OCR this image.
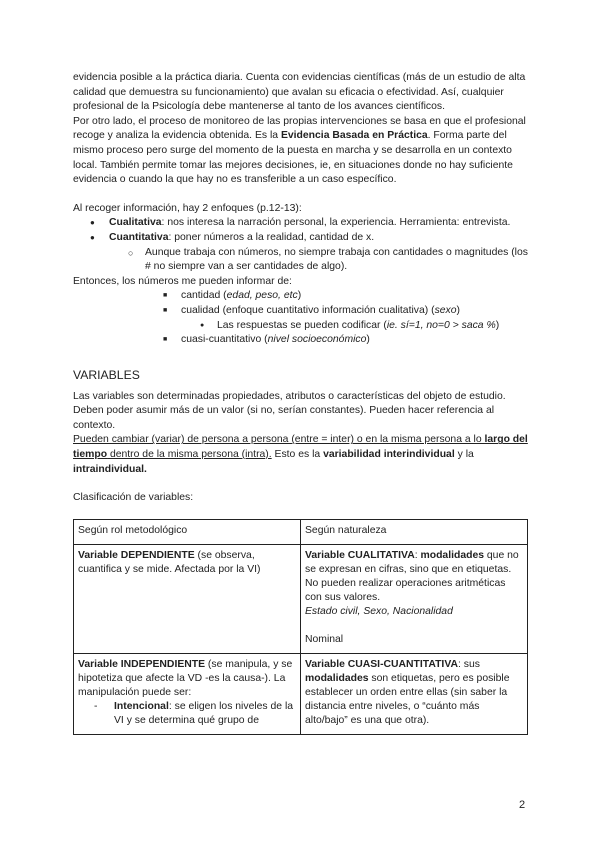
evidencia posible a la práctica diaria. Cuenta con evidencias científicas (más de un estudio de alta calidad que demuestra su funcionamiento) que avalan su eficacia o efectividad. Así, cualquier profesional de la Psicología debe mantenerse al tanto de los avances científicos.

Por otro lado, el proceso de monitoreo de las propias intervenciones se basa en que el profesional recoge y analiza la evidencia obtenida. Es la Evidencia Basada en Práctica. Forma parte del mismo proceso pero surge del momento de la puesta en marcha y se desarrolla en un contexto local. También permite tomar las mejores decisiones, ie, en situaciones donde no hay suficiente evidencia o cuando la que hay no es transferible a un caso específico.

Al recoger información, hay 2 enfoques (p.12-13):

● Cualitativa: nos interesa la narración personal, la experiencia. Herramienta: entrevista.
● Cuantitativa: poner números a la realidad, cantidad de x.
○ Aunque trabaja con números, no siempre trabaja con cantidades o magnitudes (los # no siempre van a ser cantidades de algo).

Entonces, los números me pueden informar de:

■ cantidad (edad, peso, etc)
■ cualidad (enfoque cuantitativo información cualitativa) (sexo)
● Las respuestas se pueden codificar (ie. sí=1, no=0 > saca %)
■ cuasi-cuantitativo (nivel socioeconómico)

VARIABLES

Las variables son determinadas propiedades, atributos o características del objeto de estudio. Deben poder asumir más de un valor (si no, serían constantes). Pueden hacer referencia al contexto.

Pueden cambiar (variar) de persona a persona (entre = inter) o en la misma persona a lo largo del tiempo dentro de la misma persona (intra). Esto es la variabilidad interindividual y la intraindividual.

Clasificación de variables:

Según rol metodológico	Según naturaleza
Variable DEPENDIENTE (se observa, cuantifica y se mide. Afectada por la VI)	Variable CUALITATIVA: modalidades que no se expresan en cifras, sino que en etiquetas. No pueden realizar operaciones aritméticas con sus valores.
Estado civil, Sexo, Nacionalidad

Nominal
Variable INDEPENDIENTE (se manipula, y se hipotetiza que afecte la VD -es la causa-). La manipulación puede ser:
- Intencional: se eligen los niveles de la VI y se determina qué grupo de	Variable CUASI-CUANTITATIVA: sus modalidades son etiquetas, pero es posible establecer un orden entre ellas (sin saber la distancia entre niveles, o “cuánto más alto/bajo” es una que otra).
2
